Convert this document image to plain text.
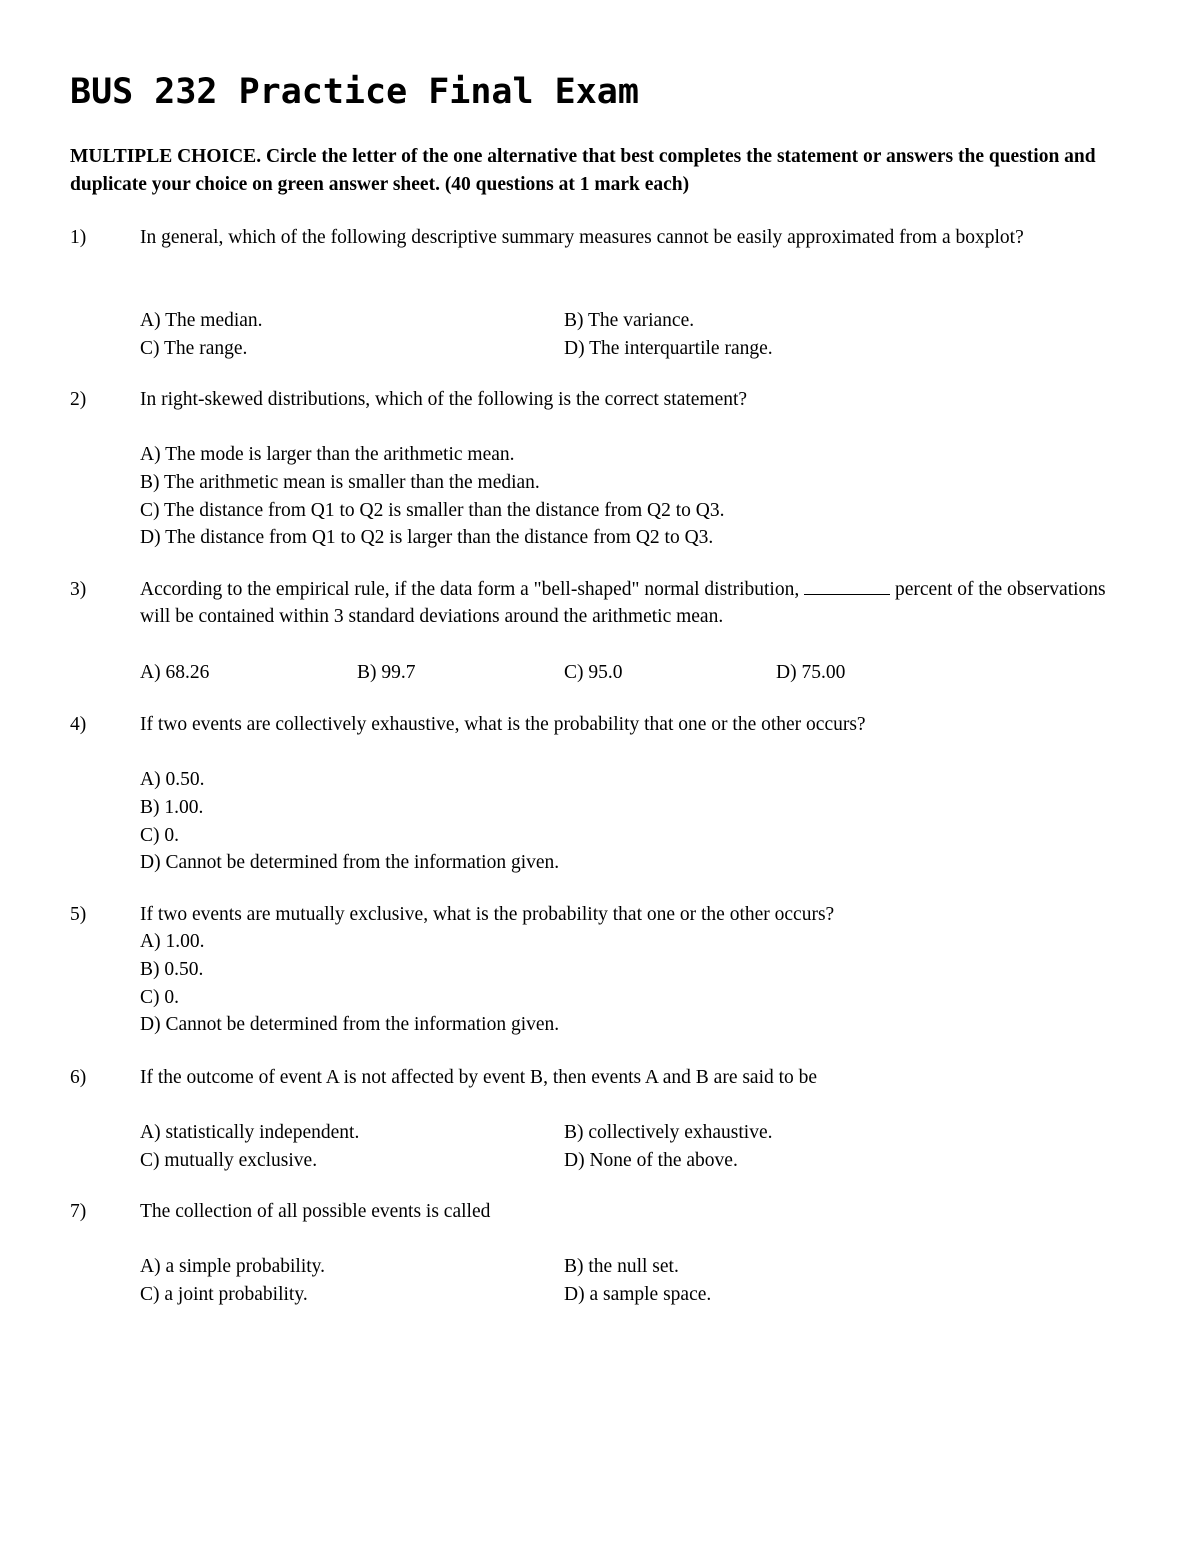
BUS 232 Practice Final Exam

MULTIPLE CHOICE. Circle the letter of the one alternative that best completes the statement or answers the question and duplicate your choice on green answer sheet. (40 questions at 1 mark each)

1)	In general, which of the following descriptive summary measures cannot be easily approximated from a boxplot?
A) The median.	B) The variance.
C) The range.	D) The interquartile range.
2)	In right-skewed distributions, which of the following is the correct statement?
A) The mode is larger than the arithmetic mean.
B) The arithmetic mean is smaller than the median.
C) The distance from Q1 to Q2 is smaller than the distance from Q2 to Q3.
D) The distance from Q1 to Q2 is larger than the distance from Q2 to Q3.
3)	According to the empirical rule, if the data form a "bell-shaped" normal distribution,	percent of the observations will be contained within 3 standard deviations around the arithmetic mean.
A) 68.26	B) 99.7	C) 95.0	D) 75.00
4)	If two events are collectively exhaustive, what is the probability that one or the other occurs?
A) 0.50.
B) 1.00.
C) 0.
D) Cannot be determined from the information given.
5)	If two events are mutually exclusive, what is the probability that one or the other occurs?
A) 1.00.
B) 0.50.
C) 0.
D) Cannot be determined from the information given.
6)	If the outcome of event A is not affected by event B, then events A and B are said to be
A) statistically independent.	B) collectively exhaustive.
C) mutually exclusive.	D) None of the above.
7)	The collection of all possible events is called
A) a simple probability.	B) the null set.
C) a joint probability.	D) a sample space.
